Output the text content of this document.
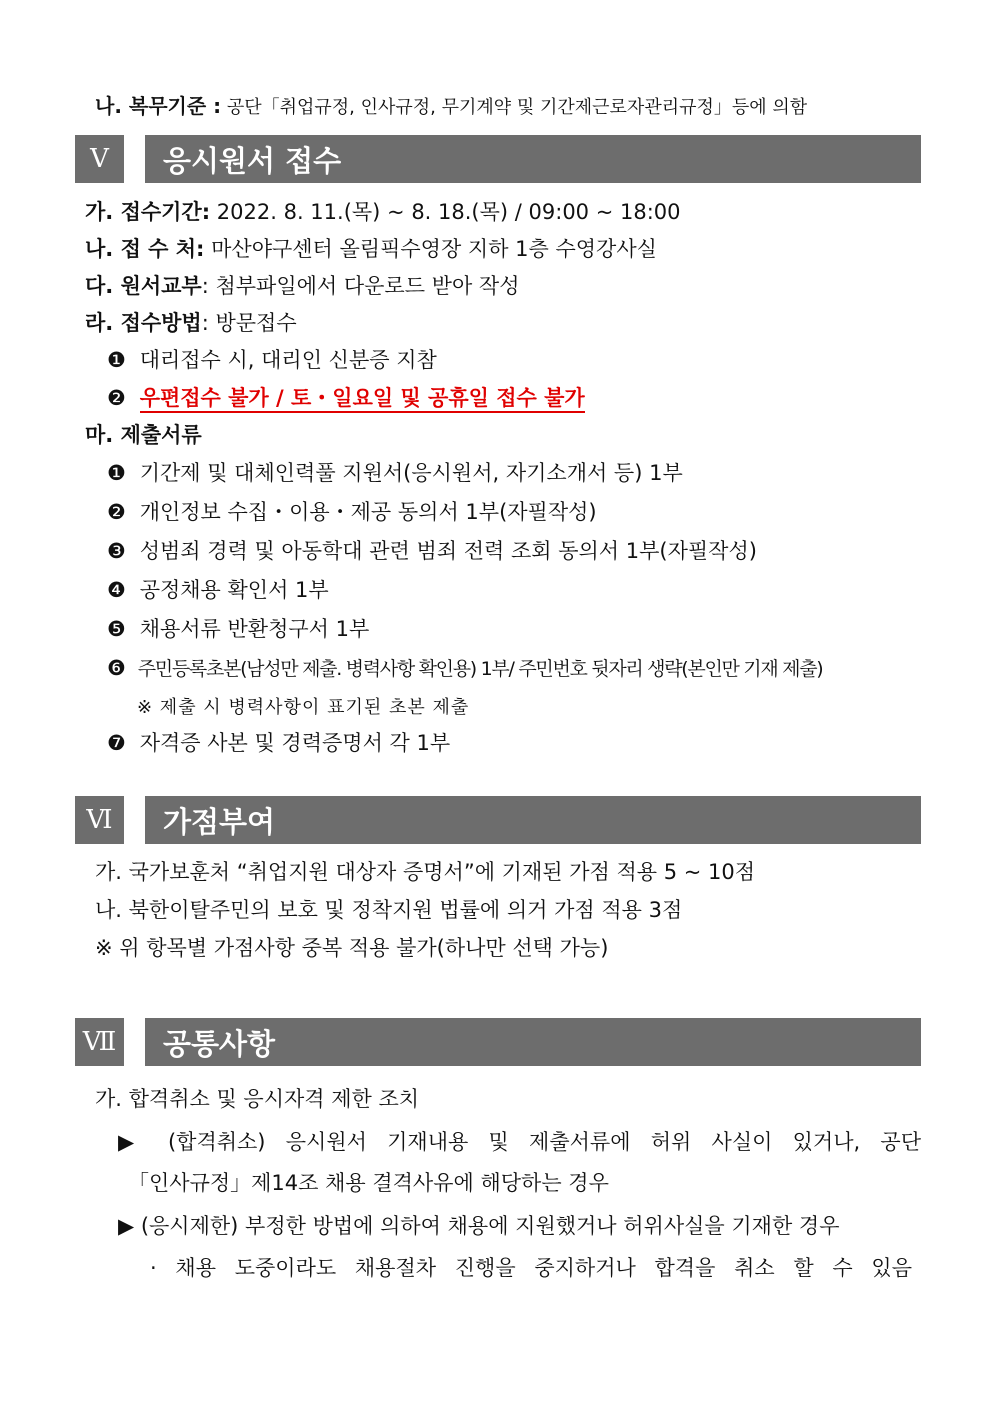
나. 복무기준 : 공단「취업규정, 인사규정, 무기계약 및 기간제근로자관리규정」등에 의함
Ⅴ	응시원서 접수
가. 접수기간: 2022. 8. 11.(목) ~ 8. 18.(목) / 09:00 ~ 18:00
나. 접 수 처: 마산야구센터 올림픽수영장 지하 1층 수영강사실
다. 원서교부: 첨부파일에서 다운로드 받아 작성
라. 접수방법: 방문접수
❶ 대리접수 시, 대리인 신분증 지참
❷ 우편접수 불가 / 토・일요일 및 공휴일 접수 불가
마. 제출서류
❶ 기간제 및 대체인력풀 지원서(응시원서, 자기소개서 등) 1부
❷ 개인정보 수집・이용・제공 동의서 1부(자필작성)
❸ 성범죄 경력 및 아동학대 관련 범죄 전력 조회 동의서 1부(자필작성)
❹ 공정채용 확인서 1부
❺ 채용서류 반환청구서 1부
❻ 주민등록초본(남성만 제출. 병력사항 확인용) 1부/ 주민번호 뒷자리 생략(본인만 기재 제출)
※ 제출 시 병력사항이 표기된 초본 제출
❼ 자격증 사본 및 경력증명서 각 1부
Ⅵ	가점부여
가. 국가보훈처 “취업지원 대상자 증명서”에 기재된 가점 적용 5 ~ 10점
나. 북한이탈주민의 보호 및 정착지원 법률에 의거 가점 적용 3점
※ 위 항목별 가점사항 중복 적용 불가(하나만 선택 가능)
Ⅶ	공통사항
가. 합격취소 및 응시자격 제한 조치
▶ (합격취소) 응시원서 기재내용 및 제출서류에 허위 사실이 있거나, 공단
「인사규정」제14조 채용 결격사유에 해당하는 경우
▶ (응시제한) 부정한 방법에 의하여 채용에 지원했거나 허위사실을 기재한 경우
· 채용 도중이라도 채용절차 진행을 중지하거나 합격을 취소 할 수 있음
